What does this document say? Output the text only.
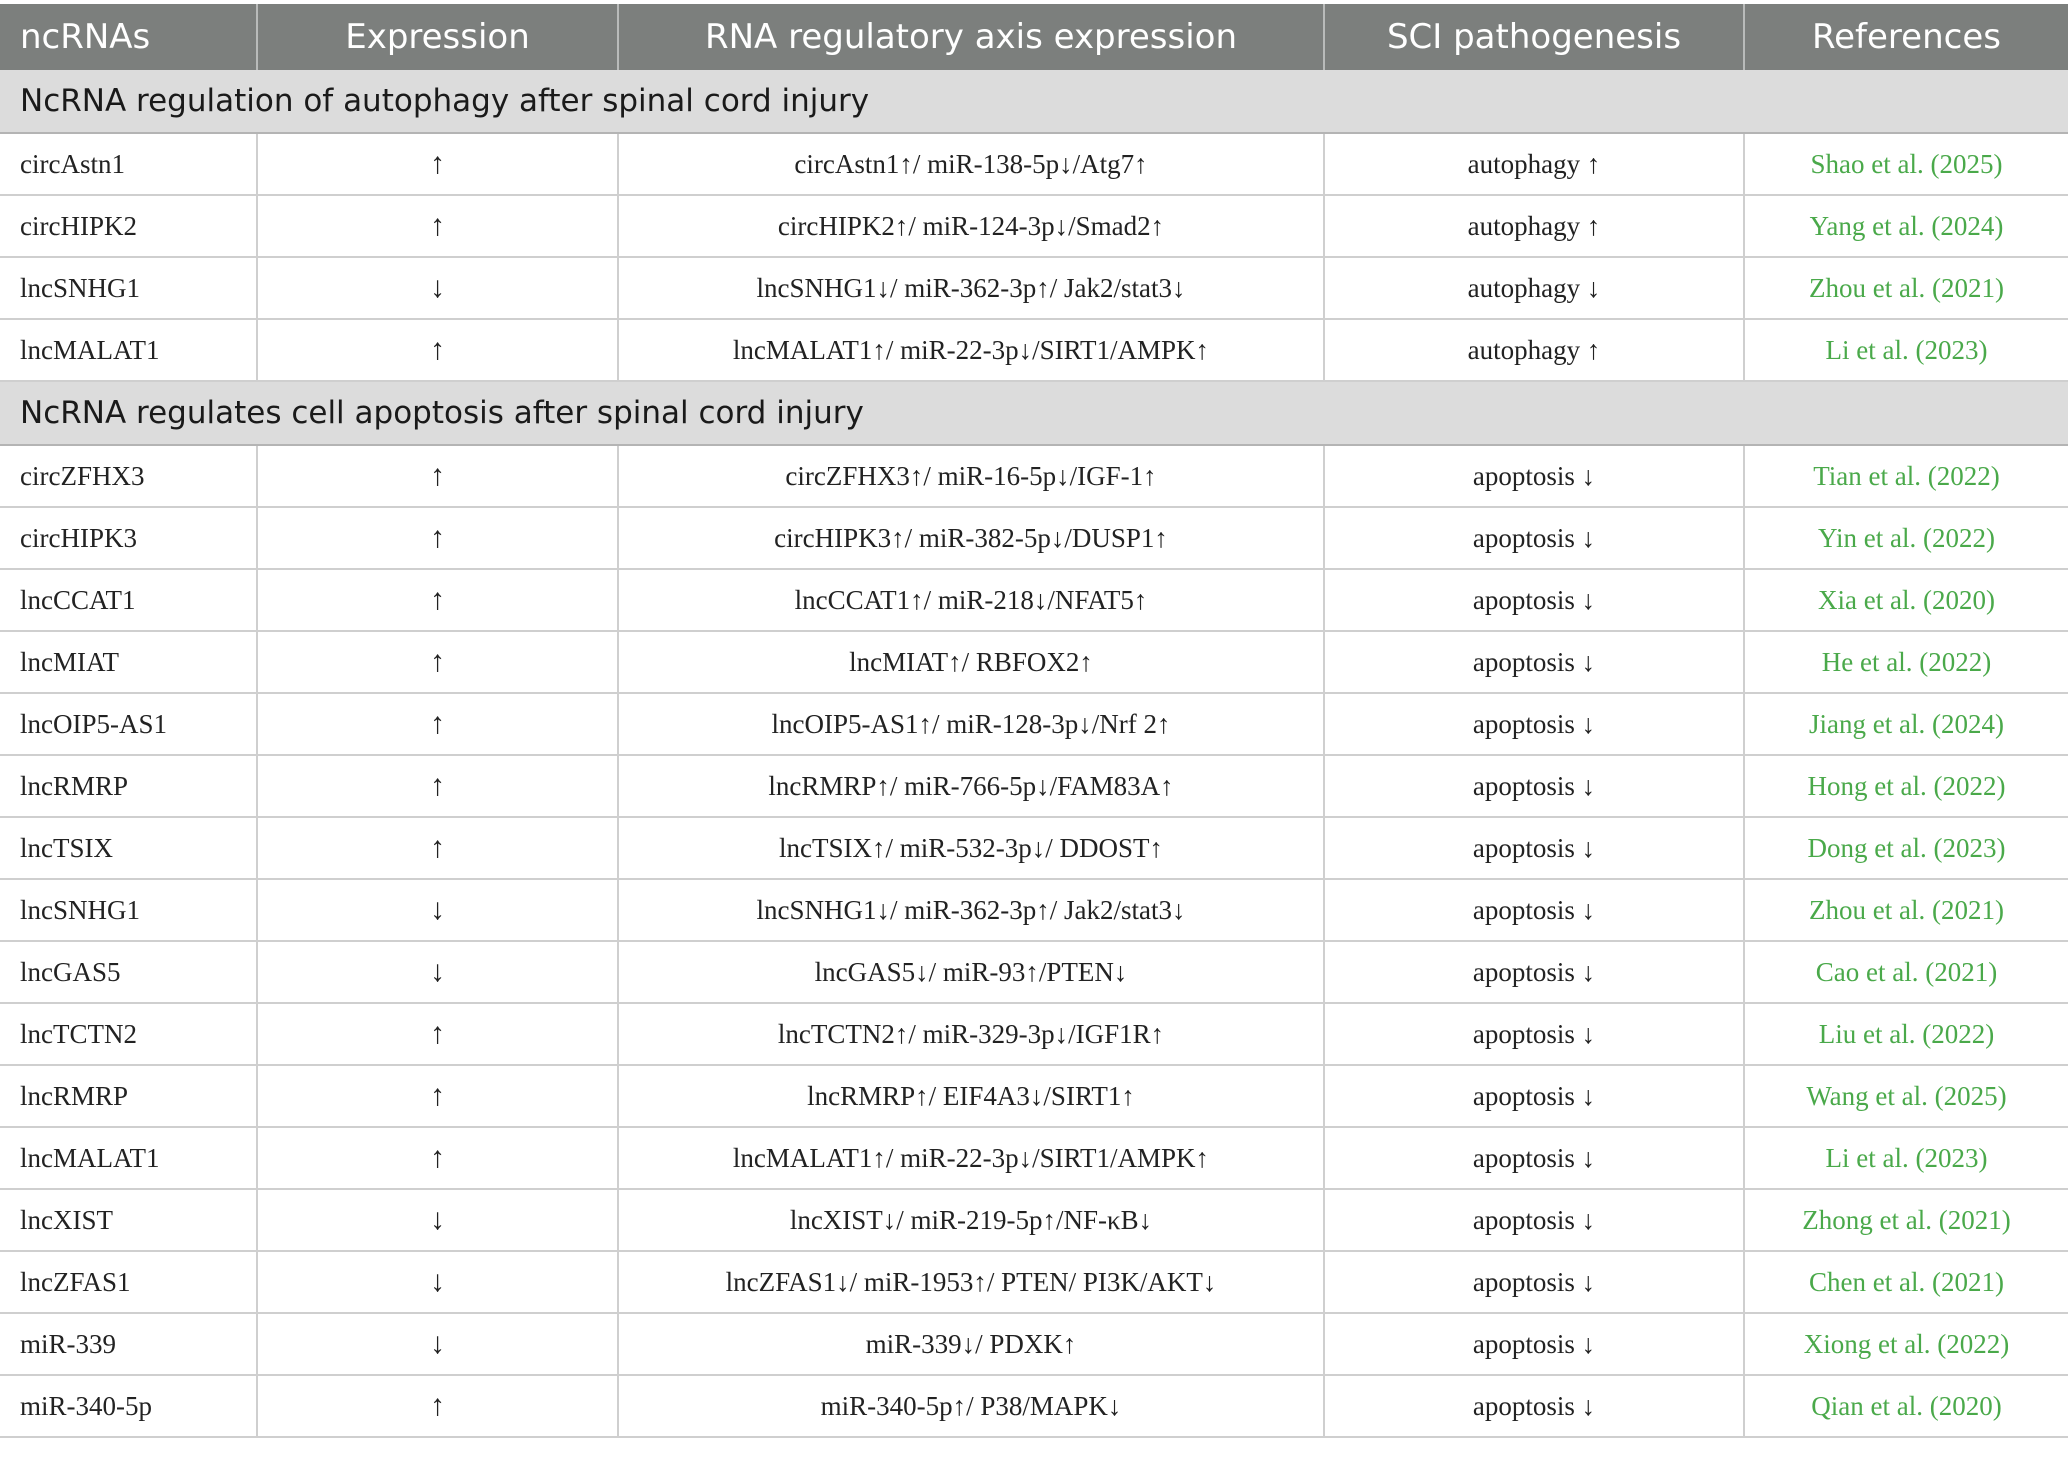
ncRNAs	Expression	RNA regulatory axis expression	SCI pathogenesis	References
NcRNA regulation of autophagy after spinal cord injury				
circAstn1	↑	circAstn1↑/ miR-138-5p↓/Atg7↑	autophagy ↑	Shao et al. (2025)
circHIPK2	↑	circHIPK2↑/ miR-124-3p↓/Smad2↑	autophagy ↑	Yang et al. (2024)
lncSNHG1	↓	lncSNHG1↓/ miR-362-3p↑/ Jak2/stat3↓	autophagy ↓	Zhou et al. (2021)
lncMALAT1	↑	lncMALAT1↑/ miR-22-3p↓/SIRT1/AMPK↑	autophagy ↑	Li et al. (2023)
NcRNA regulates cell apoptosis after spinal cord injury				
circZFHX3	↑	circZFHX3↑/ miR-16-5p↓/IGF-1↑	apoptosis ↓	Tian et al. (2022)
circHIPK3	↑	circHIPK3↑/ miR-382-5p↓/DUSP1↑	apoptosis ↓	Yin et al. (2022)
lncCCAT1	↑	lncCCAT1↑/ miR-218↓/NFAT5↑	apoptosis ↓	Xia et al. (2020)
lncMIAT	↑	lncMIAT↑/ RBFOX2↑	apoptosis ↓	He et al. (2022)
lncOIP5-AS1	↑	lncOIP5-AS1↑/ miR-128-3p↓/Nrf 2↑	apoptosis ↓	Jiang et al. (2024)
lncRMRP	↑	lncRMRP↑/ miR-766-5p↓/FAM83A↑	apoptosis ↓	Hong et al. (2022)
lncTSIX	↑	lncTSIX↑/ miR-532-3p↓/ DDOST↑	apoptosis ↓	Dong et al. (2023)
lncSNHG1	↓	lncSNHG1↓/ miR-362-3p↑/ Jak2/stat3↓	apoptosis ↓	Zhou et al. (2021)
lncGAS5	↓	lncGAS5↓/ miR-93↑/PTEN↓	apoptosis ↓	Cao et al. (2021)
lncTCTN2	↑	lncTCTN2↑/ miR-329-3p↓/IGF1R↑	apoptosis ↓	Liu et al. (2022)
lncRMRP	↑	lncRMRP↑/ EIF4A3↓/SIRT1↑	apoptosis ↓	Wang et al. (2025)
lncMALAT1	↑	lncMALAT1↑/ miR-22-3p↓/SIRT1/AMPK↑	apoptosis ↓	Li et al. (2023)
lncXIST	↓	lncXIST↓/ miR-219-5p↑/NF-κB↓	apoptosis ↓	Zhong et al. (2021)
lncZFAS1	↓	lncZFAS1↓/ miR-1953↑/ PTEN/ PI3K/AKT↓	apoptosis ↓	Chen et al. (2021)
miR-339	↓	miR-339↓/ PDXK↑	apoptosis ↓	Xiong et al. (2022)
miR-340-5p	↑	miR-340-5p↑/ P38/MAPK↓	apoptosis ↓	Qian et al. (2020)
